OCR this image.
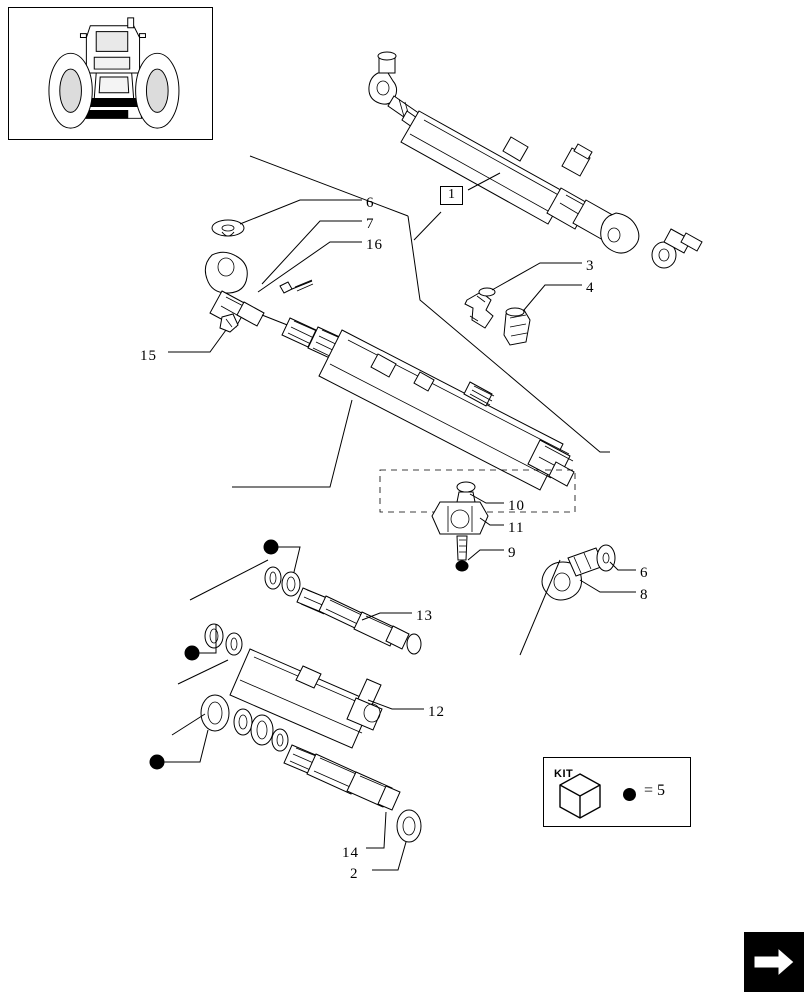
1
6
7
16
3
4
15
10
11
9
6
8
13
12
14
2
KIT
= 5
